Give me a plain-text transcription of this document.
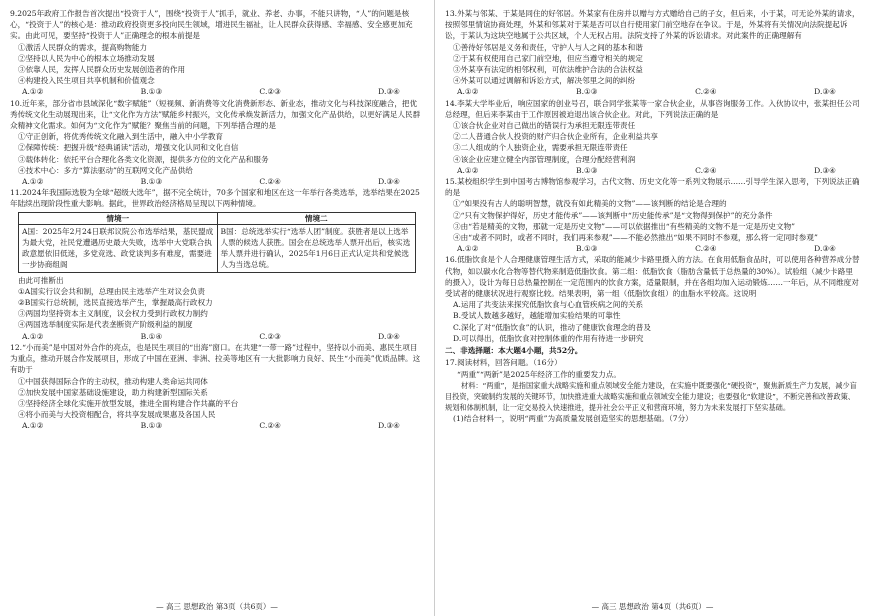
9.2025年政府工作报告首次提出“投资于人”，围绕“投资于人”抓手，就业、养老、办事，不能只讲物，“人”的问题是核心，“投资于人”的核心是：推动政府投资更多投向民生领域，增进民生福祉，让人民群众获得感、幸福感、安全感更加充实。由此可见，要坚持“投资于人”正确理念的根本前提是

①激活人民群众的需求，提高购物能力

②坚持以人民为中心的根本立场推动发展

③依靠人民，发挥人民群众历史发展创造者的作用

④构建投入民生项目共享机制和价值观念

A.①②	B.①③	C.②③	D.③④

10.近年来，部分省市县域深化“数字赋能”（短视频、新消费等文化消费新形态、新业态，推动文化与科技深度融合，把优秀传统文化生动展现出来，让“文化作为方法”赋能乡村振兴，文化传承焕发新活力，加强文化产品供给，以更好满足人民群众精神文化需求。如何为“文化作为”赋能？聚焦当前的问题，下列举措合理的是

①守正创新，将优秀传统文化融入到生活中，融入中小学教育

②保障传统：把握升级“经典诵读”活动，增强文化认同和文化自信

③载体转化：依托平台合理化各类文化资源，提供多方位的文化产品和服务

④技术中心：多方“算法驱动”的互联网文化产品供给

A.①②	B.①③	C.②④	D.③④

11.2024年我国际选股为全球“超级大选年”，据不完全统计，70多个国家和地区在这一年举行各类选举，选举结果在2025年陆续出现阶段性重大影响。据此，世界政治经济格局呈现以下两种情境。

情境一
A国：2025年2月24日联邦议院公布选举结果，基民盟成为最大党，社民党遭遇历史最大失败，选举中大党联合执政意愿依旧低迷，多党竞选、政党谈判多有难度，需要进一步协商组阁
情境二
B国：总统选举实行“选举人团”制度。获胜者是以上选举人票的候选人获胜。国会在总统选举人票开出后，核实选举人票并进行确认，2025年1月6日正式认定共和党候选人为当选总统。

由此可推断出

①A国实行议会共和制，总理由民主选举产生对议会负责

②B国实行总统制，选民直接选举产生，掌握最高行政权力

③两国均坚持资本主义制度，议会权力受到行政权力制约

④两国选举制度实际是代表垄断资产阶级利益的制度

A.①②	B.①④	C.②③	D.③④

12.“小而美”是中国对外合作的亮点，也是民生项目的“出海”窗口。在共建“一带一路”过程中，坚持以小而美、惠民生项目为重点，推动开展合作发展项目，形成了中国在亚洲、非洲、拉美等地区有一大批影响力良好、民生“小而美”优质品牌。这有助于

①中国获得国际合作的主动权，推动构建人类命运共同体

②加快发展中国家基础设施建设，助力构建新型国际关系

③坚持经济全球化实施开放型发展，推进全面构建合作共赢的平台

④将小而美与大投资相配合，将共享发展成果惠及各国人民

A.①②	B.①③	C.②④	D.③④
— 高三 思想政治 第3页（共6页）—

13.外某与邻某、于某是同住的好邻居。外某家有住房并以赠与方式赠给自己的子女，但后来，小于某，可无论外某的请求，按照邻里情谊协商处理，外某和邻某对于某是否可以自行使用家门前空地存在争议。于是，外某将有关情况向法院提起诉讼，于某认为这块空地属于公共区域，个人无权占用。法院支持了外某的诉讼请求。对此案件的正确理解有

①善待好邻居是义务和责任，守护人与人之间的基本和谐

②于某有权使用自己家门前空地，但应当遵守相关的规定

③外某享有法定的相邻权利，可依法维护合法的合法权益

④外某可以通过调解和诉讼方式，解决邻里之间的纠纷

A.①②	B.①③	C.②④	D.③④

14.李某大学毕业后，响应国家的创业号召，联合同学张某等一家合伙企业，从事咨询服务工作。入伙协议中，张某担任公司总经理，但后来李某由于工作原因被迫退出该合伙企业。对此，下列说法正确的是

①该合伙企业对自己做出的错误行为承担无限连带责任

②二人普通合伙人投资的财产归合伙企业所有，企业利益共享

③二人组成的个人独资企业，需要承担无限连带责任

④该企业应建立健全内部管理制度，合理分配经营利润

A.①②	B.①③	C.②④	D.③④

15.某校组织学生到中国考古博物馆参观学习，古代文物、历史文化等一系列文物展示……引导学生深入思考，下列说法正确的是

①“如果没有古人的聪明智慧，就没有如此精美的文物”——该判断的结论是合理的

②“只有文物保护得好，历史才能传承”——该判断中“历史能传承”是“文物得到保护”的充分条件

③由“若是精美的文物，那就一定是历史文物”——可以依据推出“有些精美的文物不是一定是历史文物”

④由“或者不同时，或者不同时，我们再来参观”——不能必然推出“如果不同时不参观，那么将一定同时参观”

A.①②	B.①③	C.②④	D.③④

16.低脂饮食是个人合理健康管理生活方式，采取的能减少卡路里摄入的方法。在食用低脂食品时，可以使用各种营养成分替代物，如以碳水化合物等替代物来制造低脂饮食。第二组：低脂饮食（脂肪含量低于总热量的30%）。试验组（减少卡路里的摄入），设计为每日总热量控制在一定范围内的饮食方案，适量限制，并在各组均加入运动锻炼……一年后，从不同维度对受试者的健康状况进行观察比较。结果表明，第一组（低脂饮食组）的血脂水平较高。这说明

A.运用了共变法来探究低脂饮食与心血管疾病之间的关系

B.受试人数越多越好，越能增加实验结果的可靠性

C.深化了对“低脂饮食”的认识，推动了健康饮食理念的普及

D.可以得出，低脂饮食对控制体重的作用有待进一步研究

二、非选择题：本大题4小题，共52分。

17.阅读材料，回答问题。（16分）

“两重”“两新”是2025年经济工作的重要发力点。

材料：“两重”，是指国家重大战略实施和重点领域安全能力建设，在实施中既要强化“硬投资”，聚焦新质生产力发展，减少盲目投资，突破制约发展的关键环节，加快推进重大战略实施和重点领域安全能力建设；也要强化“软建设”，不断完善和改善政策、规划和体制机制，让一定交易投入快速推进，提升社会公平正义和营商环境，努力为未来发展打下坚实基础。

(1)结合材料一，说明“两重”为高质量发展创造坚实的思想基础。（7分）

— 高三 思想政治 第4页（共6页）—
